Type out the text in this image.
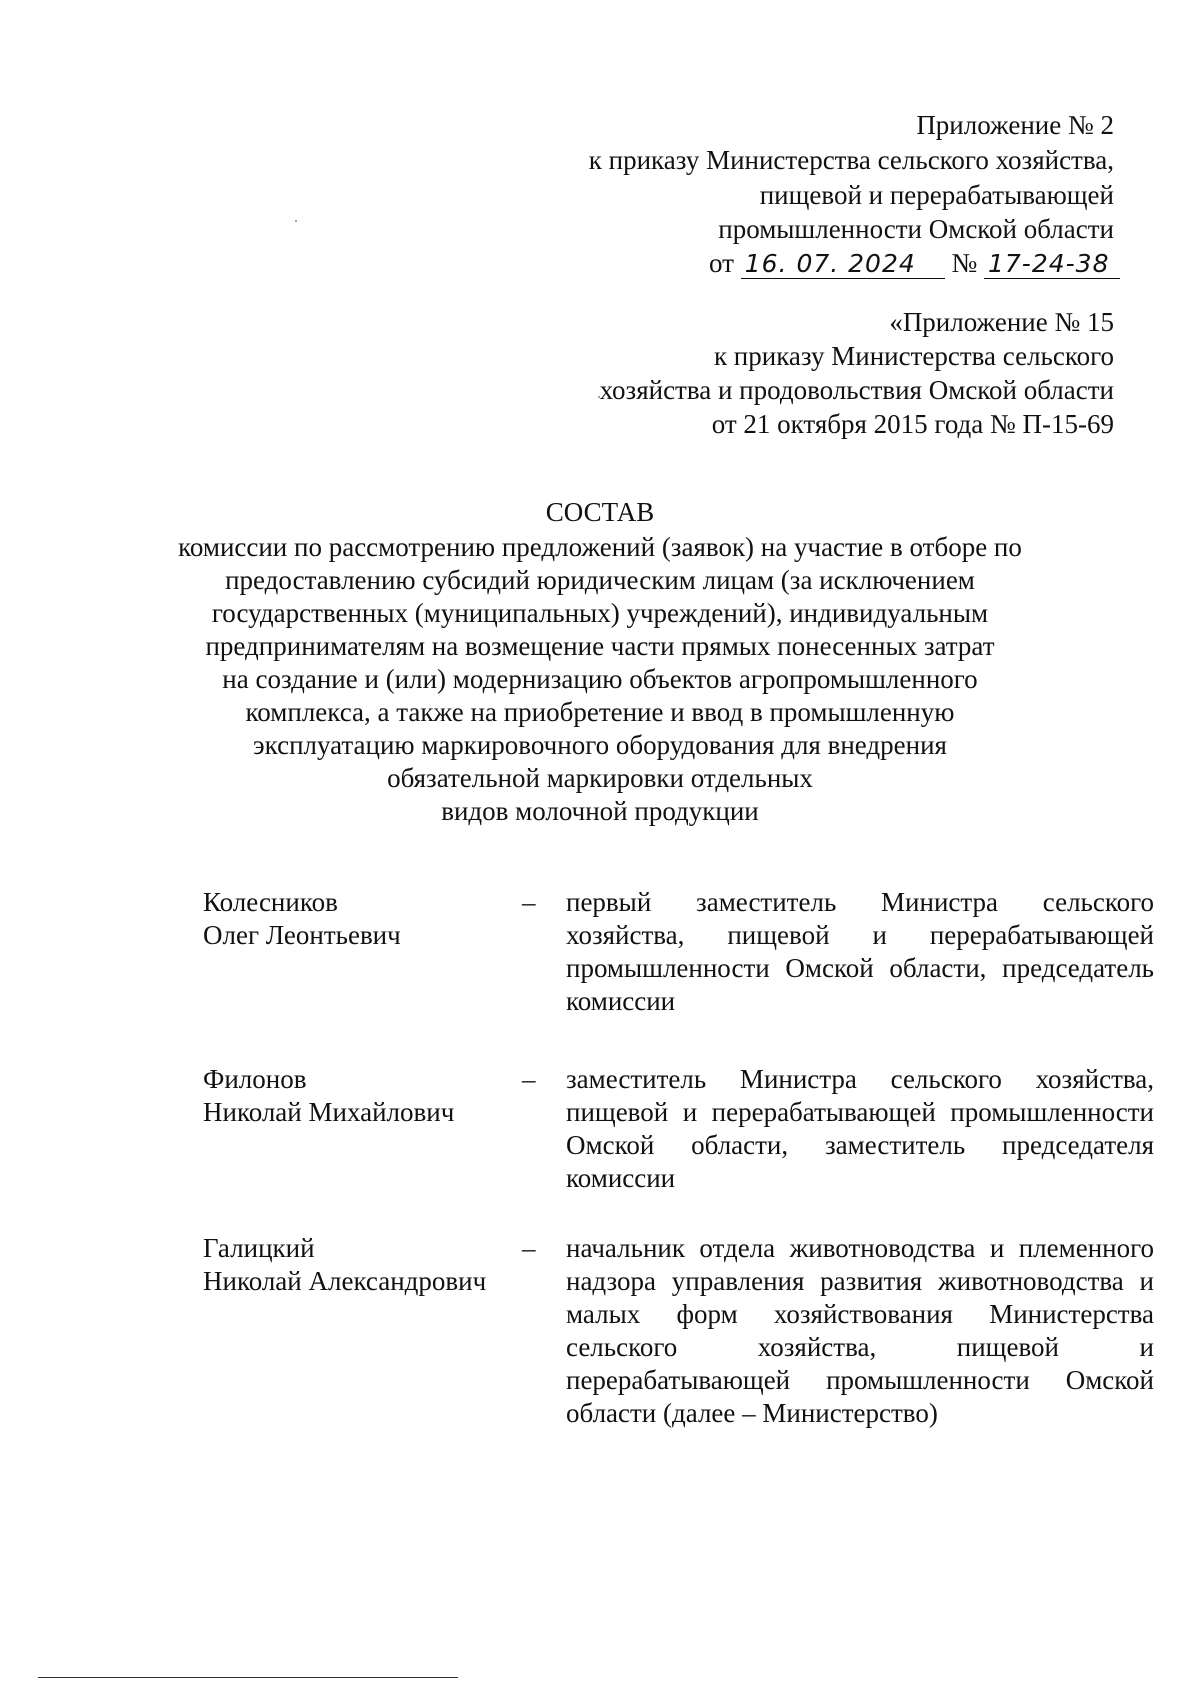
Приложение № 2
к приказу Министерства сельского хозяйства,
пищевой и перерабатывающей
промышленности Омской области
от 16. 07. 2024 № 17-24-38
«Приложение № 15
к приказу Министерства сельского
хозяйства и продовольствия Омской области
от 21 октября 2015 года № П-15-69
СОСТАВ
комиссии по рассмотрению предложений (заявок) на участие в отборе по
предоставлению субсидий юридическим лицам (за исключением
государственных (муниципальных) учреждений), индивидуальным
предпринимателям на возмещение части прямых понесенных затрат
на создание и (или) модернизацию объектов агропромышленного
комплекса, а также на приобретение и ввод в промышленную
эксплуатацию маркировочного оборудования для внедрения
обязательной маркировки отдельных
видов молочной продукции
Колесников
Олег Леонтьевич
– первый заместитель Министра сельского хозяйства, пищевой и перерабатывающей промышленности Омской области, председатель комиссии
Филонов
Николай Михайлович
– заместитель Министра сельского хозяйства, пищевой и перерабатывающей промышленности Омской области, заместитель председателя комиссии
Галицкий
Николай Александрович
– начальник отдела животноводства и племенного надзора управления развития животноводства и малых форм хозяйствования Министерства сельского хозяйства, пищевой и перерабатывающей промышленности Омской области (далее – Министерство)
